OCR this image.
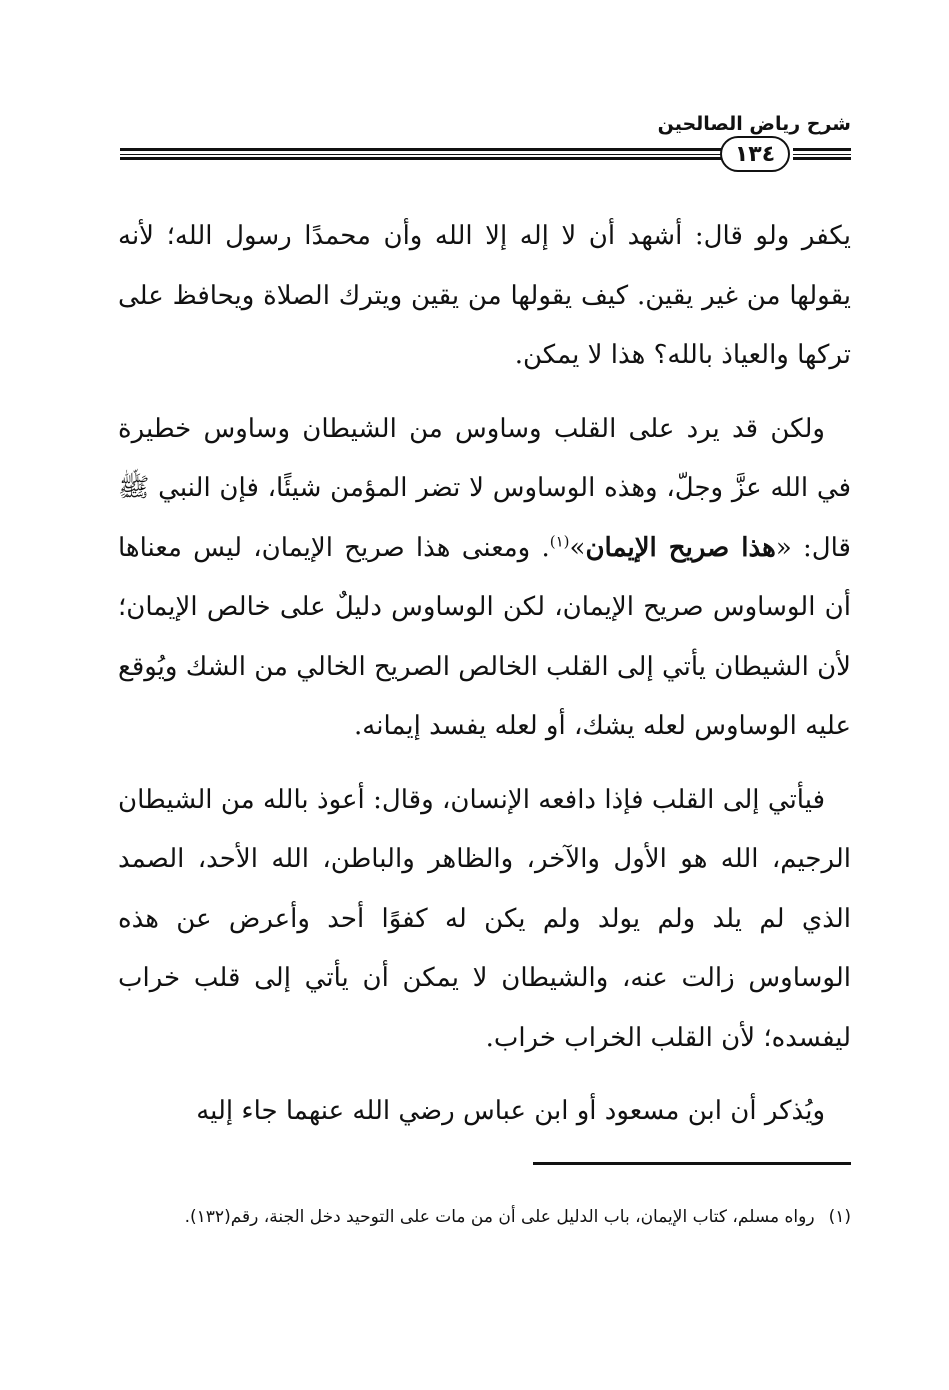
شرح رياض الصالحين
١٣٤

يكفر ولو قال: أشهد أن لا إله إلا الله وأن محمدًا رسول الله؛ لأنه يقولها من غير يقين. كيف يقولها من يقين ويترك الصلاة ويحافظ على تركها والعياذ بالله؟ هذا لا يمكن.

ولكن قد يرد على القلب وساوس من الشيطان وساوس خطيرة في الله عزَّ وجلّ، وهذه الوساوس لا تضر المؤمن شيئًا، فإن النبي ﷺ قال: «هذا صريح الإيمان»$^{(١)}$. ومعنى هذا صريح الإيمان، ليس معناها أن الوساوس صريح الإيمان، لكن الوساوس دليلٌ على خالص الإيمان؛ لأن الشيطان يأتي إلى القلب الخالص الصريح الخالي من الشك ويُوقع عليه الوساوس لعله يشك، أو لعله يفسد إيمانه.

فيأتي إلى القلب فإذا دافعه الإنسان، وقال: أعوذ بالله من الشيطان الرجيم، الله هو الأول والآخر، والظاهر والباطن، الله الأحد، الصمد الذي لم يلد ولم يولد ولم يكن له كفوًا أحد وأعرض عن هذه الوساوس زالت عنه، والشيطان لا يمكن أن يأتي إلى قلب خراب ليفسده؛ لأن القلب الخراب خراب.

ويُذكر أن ابن مسعود أو ابن عباس رضي الله عنهما جاء إليه

(١)رواه مسلم، كتاب الإيمان، باب الدليل على أن من مات على التوحيد دخل الجنة، رقم(١٣٢).
